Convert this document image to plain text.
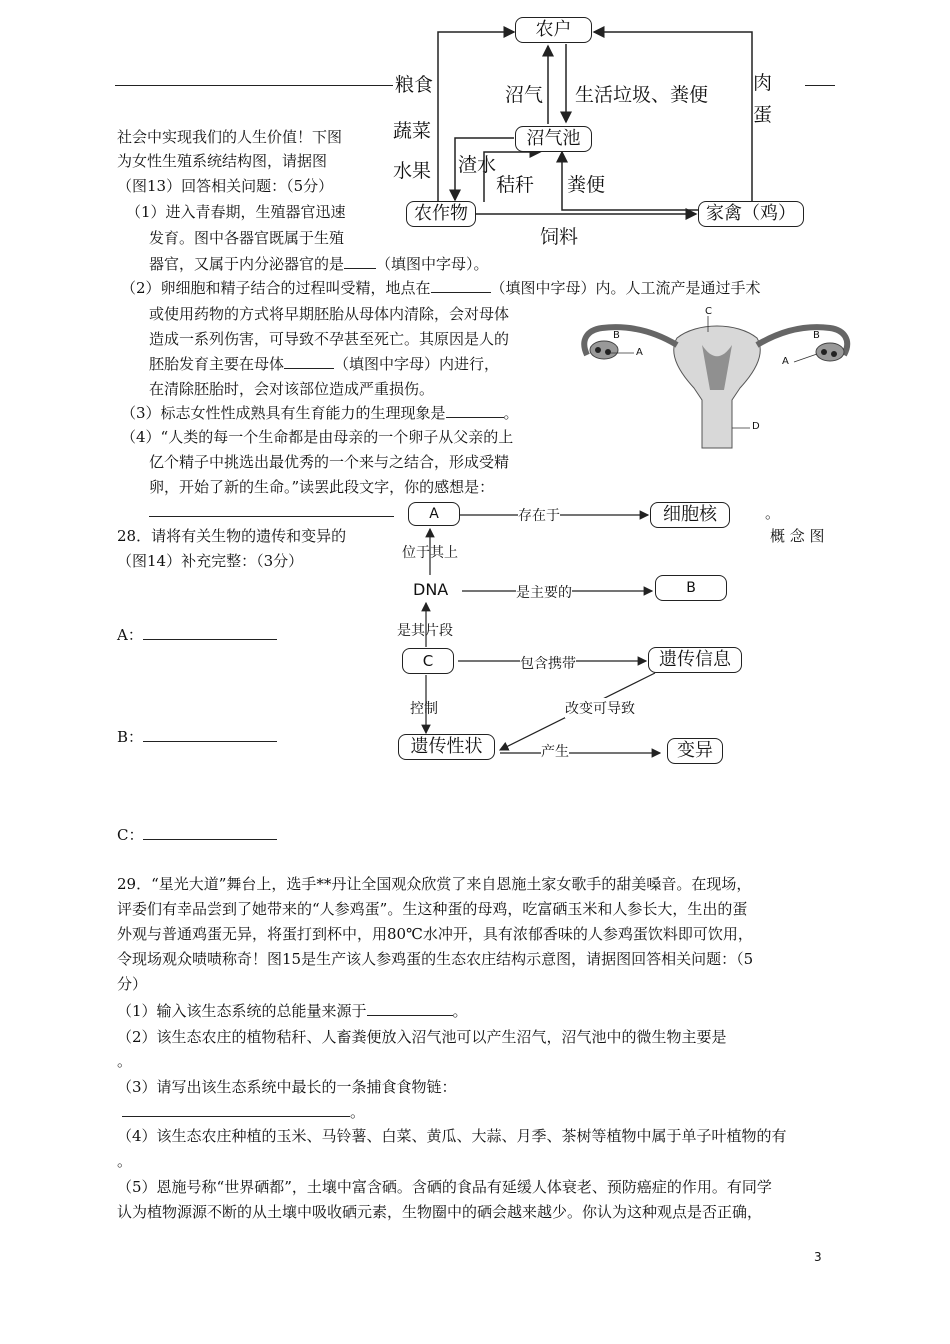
农户
沼气池
农作物	家禽（鸡）
沼气 生活垃圾、粪便
渣水
秸秆 粪便
饲料
粮食
蔬菜
水果
肉
蛋
社会中实现我们的人生价值！下图
为女性生殖系统结构图，请据图
（图13）回答相关问题：（5分）
（1）进入青春期，生殖器官迅速
发育。图中各器官既属于生殖
器官，又属于内分泌器官的是 （填图中字母）。
（2）卵细胞和精子结合的过程叫受精，地点在	（填图中字母）内。人工流产是通过手术
或使用药物的方式将早期胚胎从母体内清除，会对母体
造成一系列伤害，可导致不孕甚至死亡。其原因是人的
胚胎发育主要在母体	（填图中字母）内进行，
在清除胚胎时，会对该部位造成严重损伤。
（3）标志女性性成熟具有生育能力的生理现象是	。
（4）“人类的每一个生命都是由母亲的一个卵子从父亲的上
亿个精子中挑选出最优秀的一个来与之结合，形成受精
卵，开始了新的生命。”读罢此段文字，你的感想是：
。
C
B	B
A
A
D
28．请将有关生物的遗传和变异的	概 念 图
（图14）补充完整：（3分）
A：
B：
C：
A	细胞核
存在于
位于其上
DNA	是主要的	B
是其片段
C	包含携带	遗传信息
控制	改变可导致
遗传性状	产生	变异
29．“星光大道”舞台上，选手**丹让全国观众欣赏了来自恩施土家女歌手的甜美嗓音。在现场，
评委们有幸品尝到了她带来的“人参鸡蛋”。生这种蛋的母鸡，吃富硒玉米和人参长大，生出的蛋
外观与普通鸡蛋无异，将蛋打到杯中，用80℃水冲开，具有浓郁香味的人参鸡蛋饮料即可饮用，
令现场观众啧啧称奇！图15是生产该人参鸡蛋的生态农庄结构示意图，请据图回答相关问题：（5
分）
（1）输入该生态系统的总能量来源于	。
（2）该生态农庄的植物秸秆、人畜粪便放入沼气池可以产生沼气，沼气池中的微生物主要是
。
（3）请写出该生态系统中最长的一条捕食食物链：
。
（4）该生态农庄种植的玉米、马铃薯、白菜、黄瓜、大蒜、月季、茶树等植物中属于单子叶植物的有
。
（5）恩施号称“世界硒都”，土壤中富含硒。含硒的食品有延缓人体衰老、预防癌症的作用。有同学
认为植物源源不断的从土壤中吸收硒元素，生物圈中的硒会越来越少。你认为这种观点是否正确，
3
